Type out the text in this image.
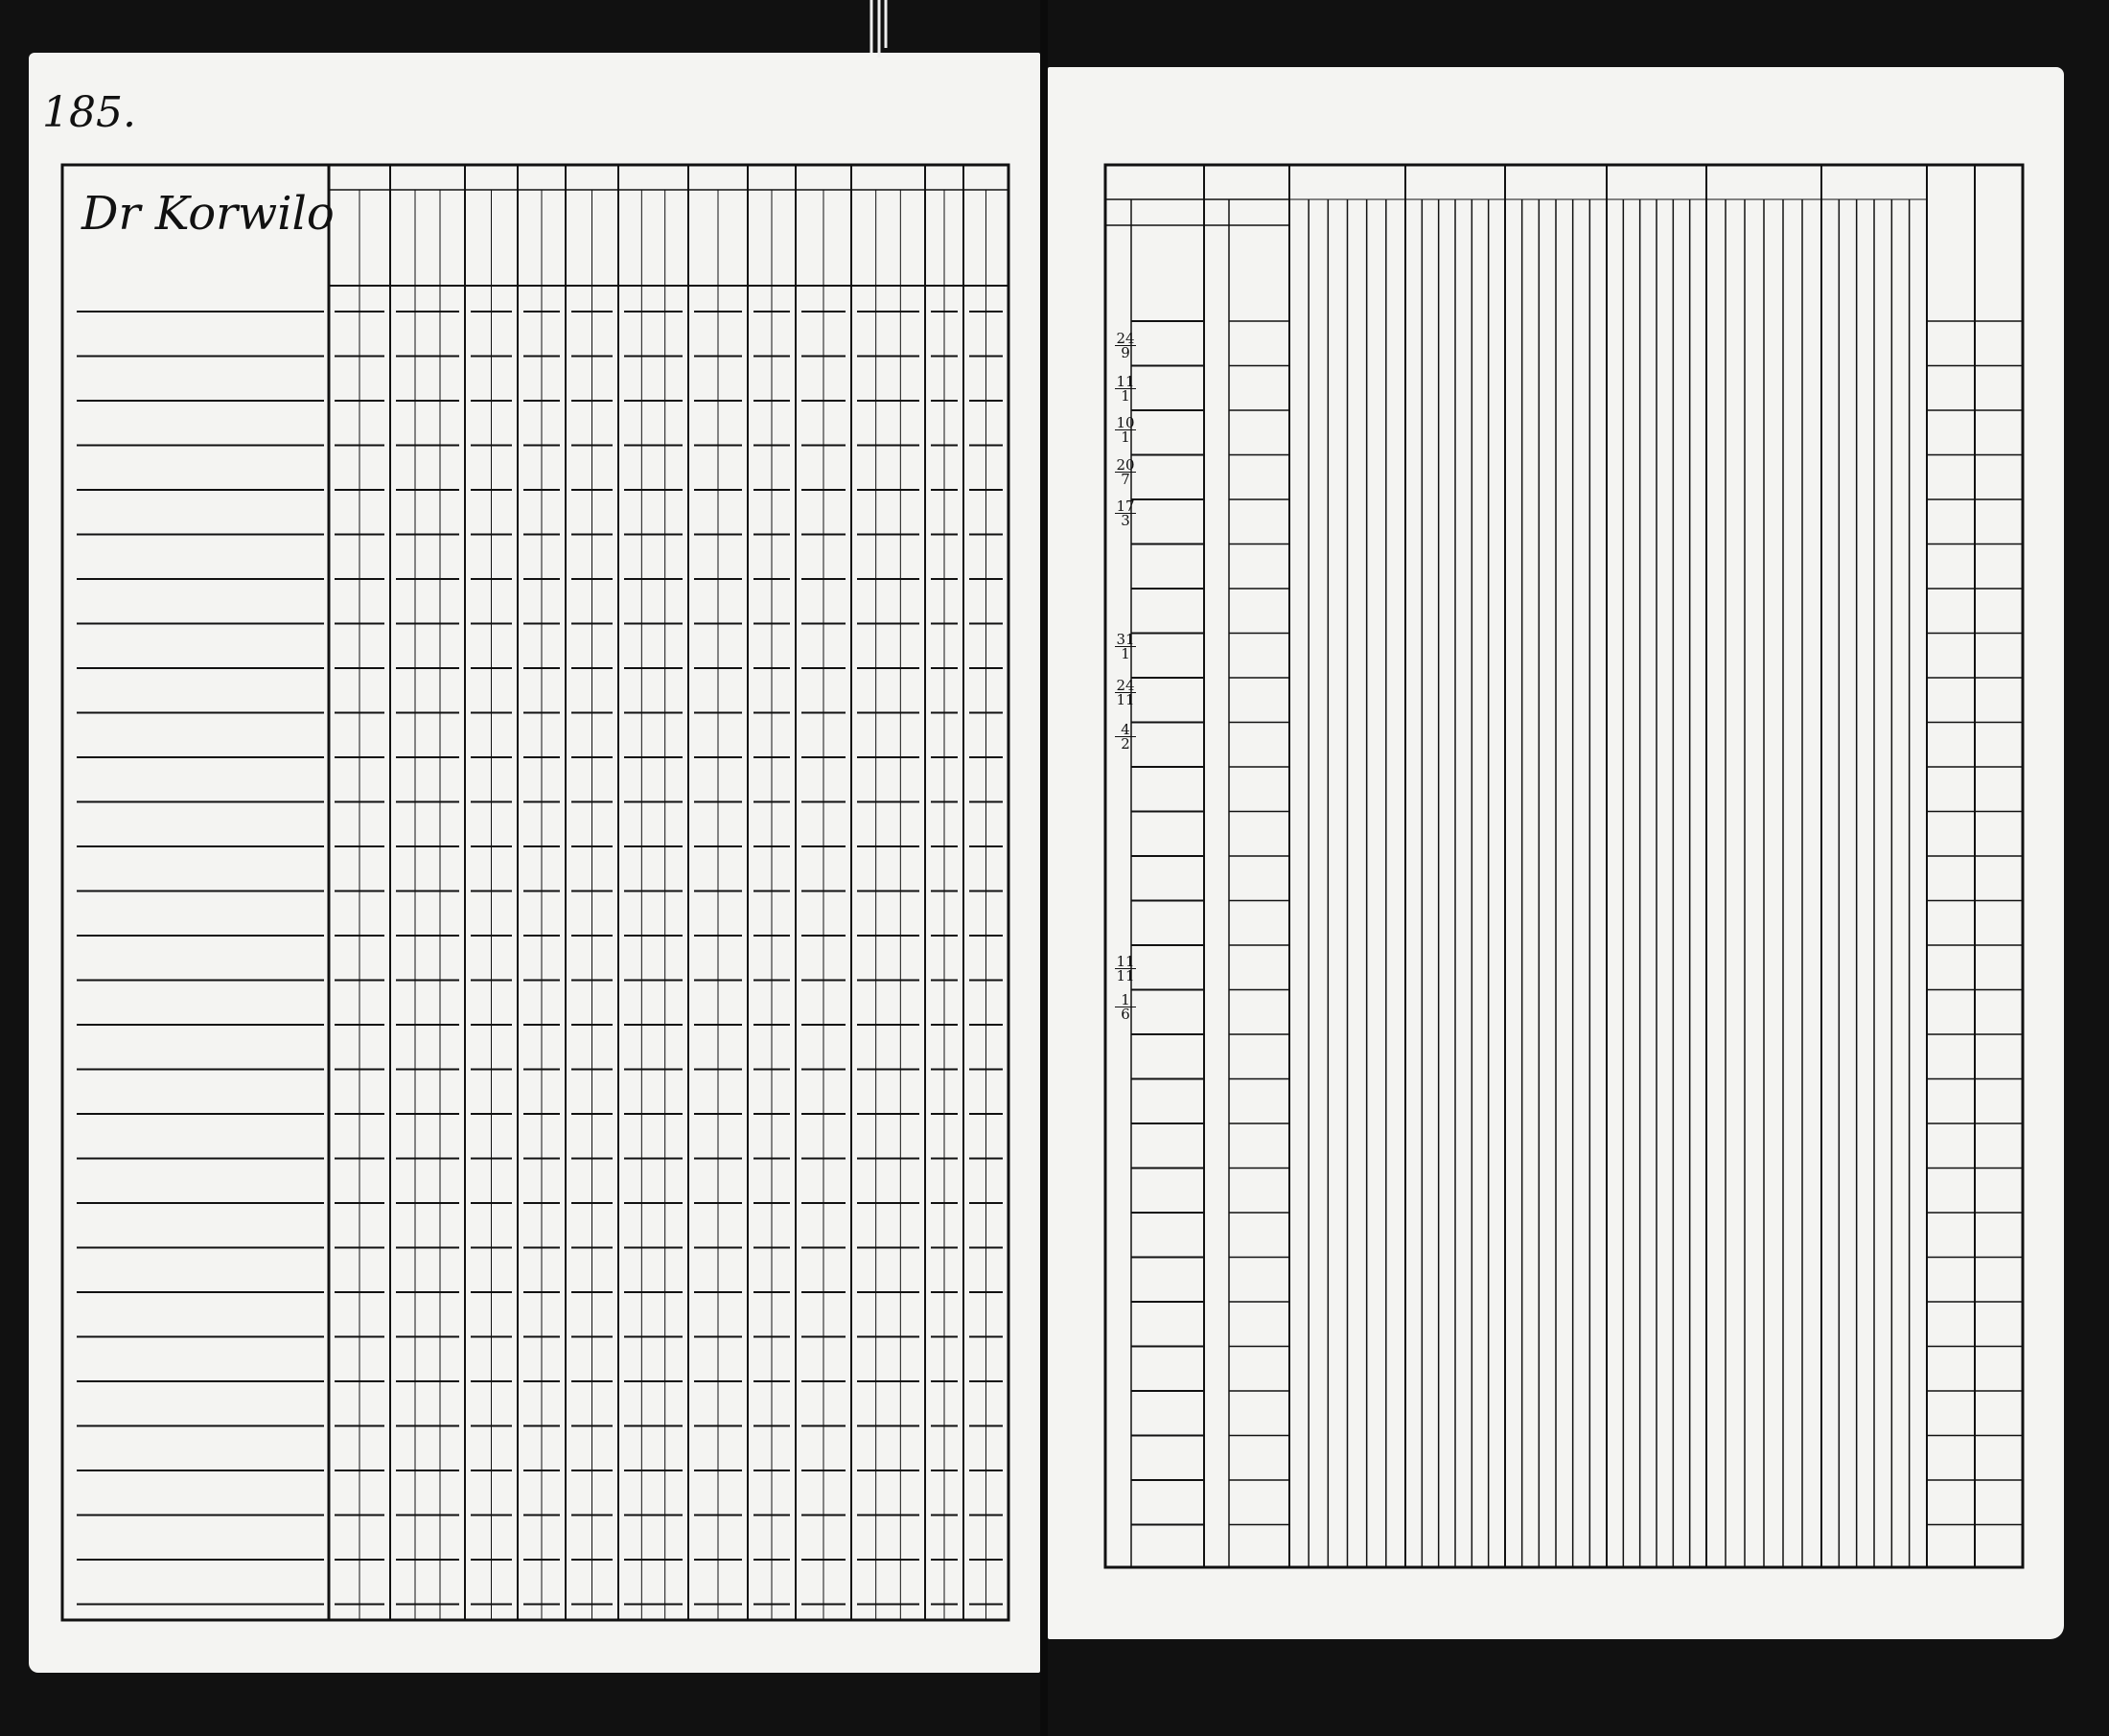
185.
Dr Korwilo
$\frac{24}{9}$
$\frac{11}{1}$
$\frac{10}{1}$
$\frac{20}{7}$
$\frac{17}{3}$
$\frac{31}{1}$
$\frac{24}{11}$
$\frac{4}{2}$
$\frac{11}{11}$
$\frac{1}{6}$
